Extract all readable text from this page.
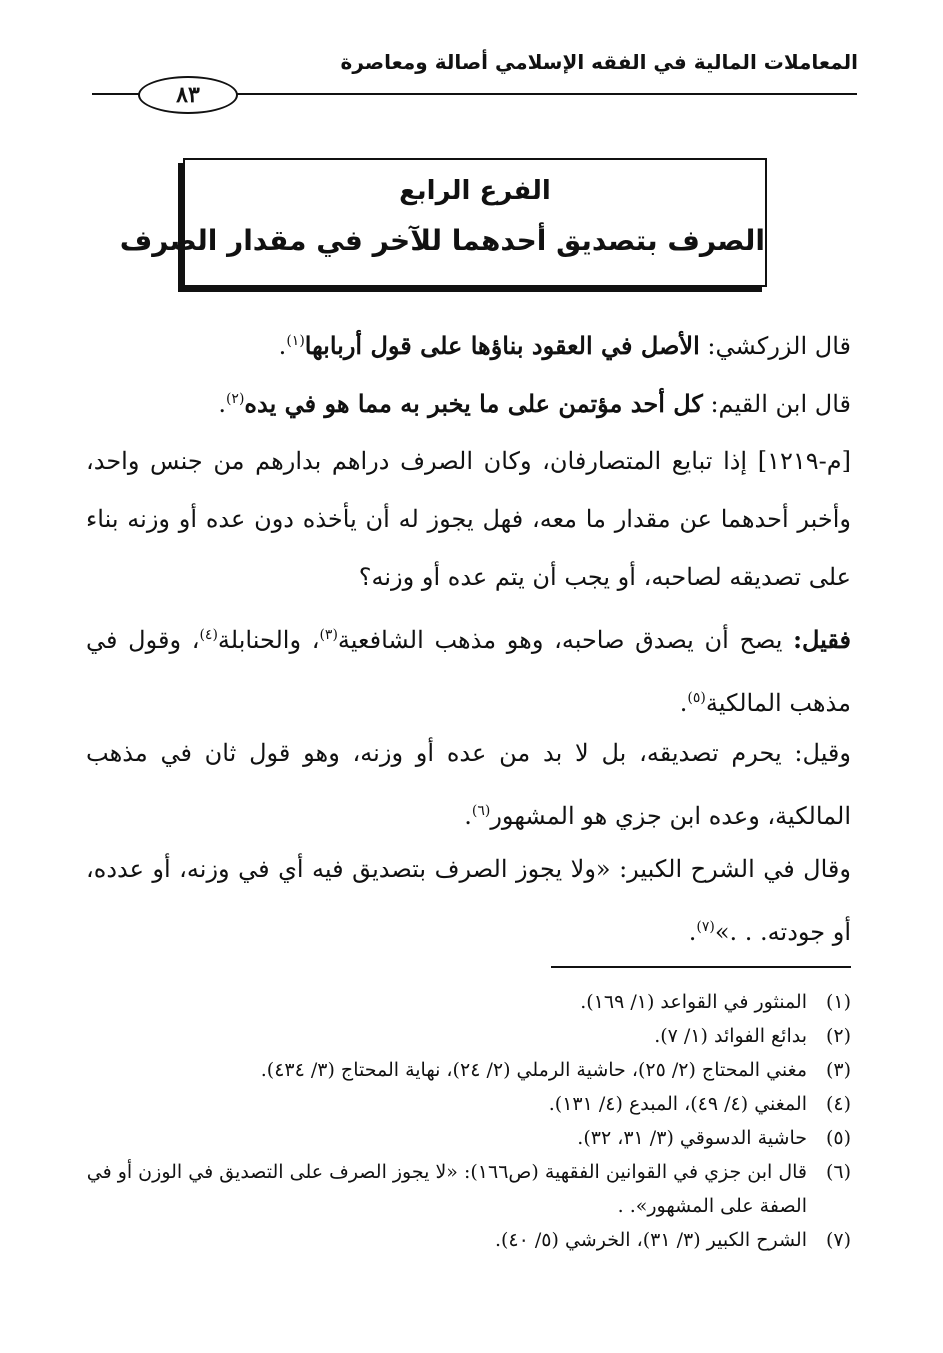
المعاملات المالية في الفقه الإسلامي أصالة ومعاصرة
٨٣
الفرع الرابع
الصرف بتصديق أحدهما للآخر في مقدار الصرف
قال الزركشي: الأصل في العقود بناؤها على قول أربابها$^{(١)}$.
قال ابن القيم: كل أحد مؤتمن على ما يخبر به مما هو في يده$^{(٢)}$.
[م-١٢١٩] إذا تبايع المتصارفان، وكان الصرف دراهم بدارهم من جنس واحد، وأخبر أحدهما عن مقدار ما معه، فهل يجوز له أن يأخذه دون عده أو وزنه بناء على تصديقه لصاحبه، أو يجب أن يتم عده أو وزنه؟
فقيل: يصح أن يصدق صاحبه، وهو مذهب الشافعية$^{(٣)}$، والحنابلة$^{(٤)}$، وقول في مذهب المالكية$^{(٥)}$.
وقيل: يحرم تصديقه، بل لا بد من عده أو وزنه، وهو قول ثان في مذهب المالكية، وعده ابن جزي هو المشهور$^{(٦)}$.
وقال في الشرح الكبير: «ولا يجوز الصرف بتصديق فيه أي في وزنه، أو عدده، أو جودته. . .»$^{(٧)}$.
(١)
المنثور في القواعد (١/ ١٦٩).
(٢)
بدائع الفوائد (١/ ٧).
(٣)
مغني المحتاج (٢/ ٢٥)، حاشية الرملي (٢/ ٢٤)، نهاية المحتاج (٣/ ٤٣٤).
(٤)
المغني (٤/ ٤٩)، المبدع (٤/ ١٣١).
(٥)
حاشية الدسوقي (٣/ ٣١، ٣٢).
(٦)
قال ابن جزي في القوانين الفقهية (ص١٦٦): «لا يجوز الصرف على التصديق في الوزن أو في الصفة على المشهور». .
(٧)
الشرح الكبير (٣/ ٣١)، الخرشي (٥/ ٤٠).
